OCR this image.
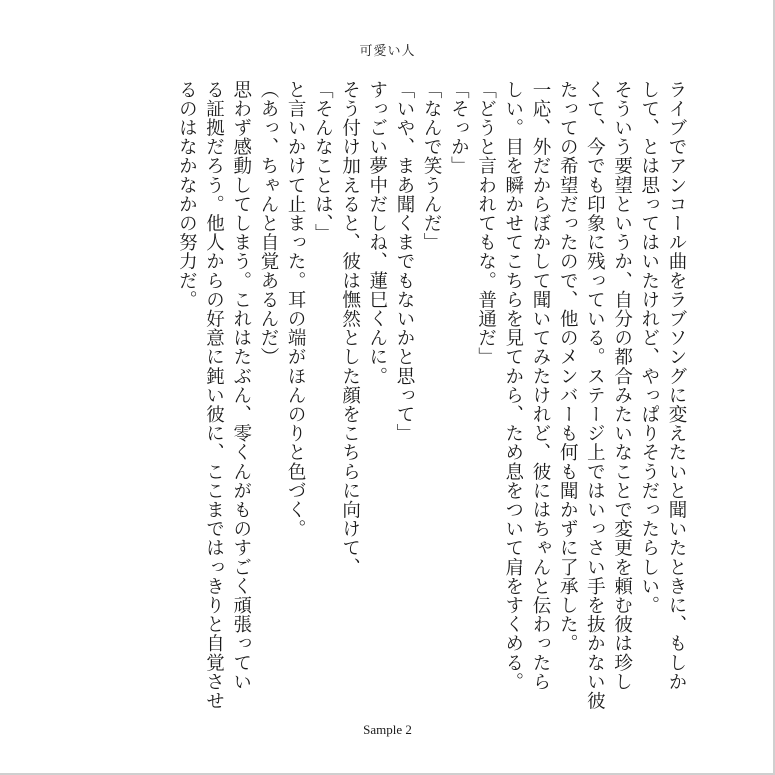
可愛い人
ライブでアンコール曲をラブソングに変えたいと聞いたときに、もしか
して、とは思ってはいたけれど、やっぱりそうだったらしい。
そういう要望というか、自分の都合みたいなことで変更を頼む彼は珍し
くて、今でも印象に残っている。ステージ上ではいっさい手を抜かない彼
たっての希望だったので、他のメンバーも何も聞かずに了承した。
一応、外だからぼかして聞いてみたけれど、彼にはちゃんと伝わったら
しい。目を瞬かせてこちらを見てから、ため息をついて肩をすくめる。
「どうと言われてもな。普通だ」
「そっか」
「なんで笑うんだ」
「いや、まあ聞くまでもないかと思って」
すっごい夢中だしね、蓮巳くんに。
そう付け加えると、彼は憮然とした顔をこちらに向けて、
「そんなことは、」
と言いかけて止まった。耳の端がほんのりと色づく。
（あっ、ちゃんと自覚あるんだ）
思わず感動してしまう。これはたぶん、零くんがものすごく頑張ってい
る証拠だろう。他人からの好意に鈍い彼に、ここまではっきりと自覚させ
るのはなかなかの努力だ。
Sample 2
